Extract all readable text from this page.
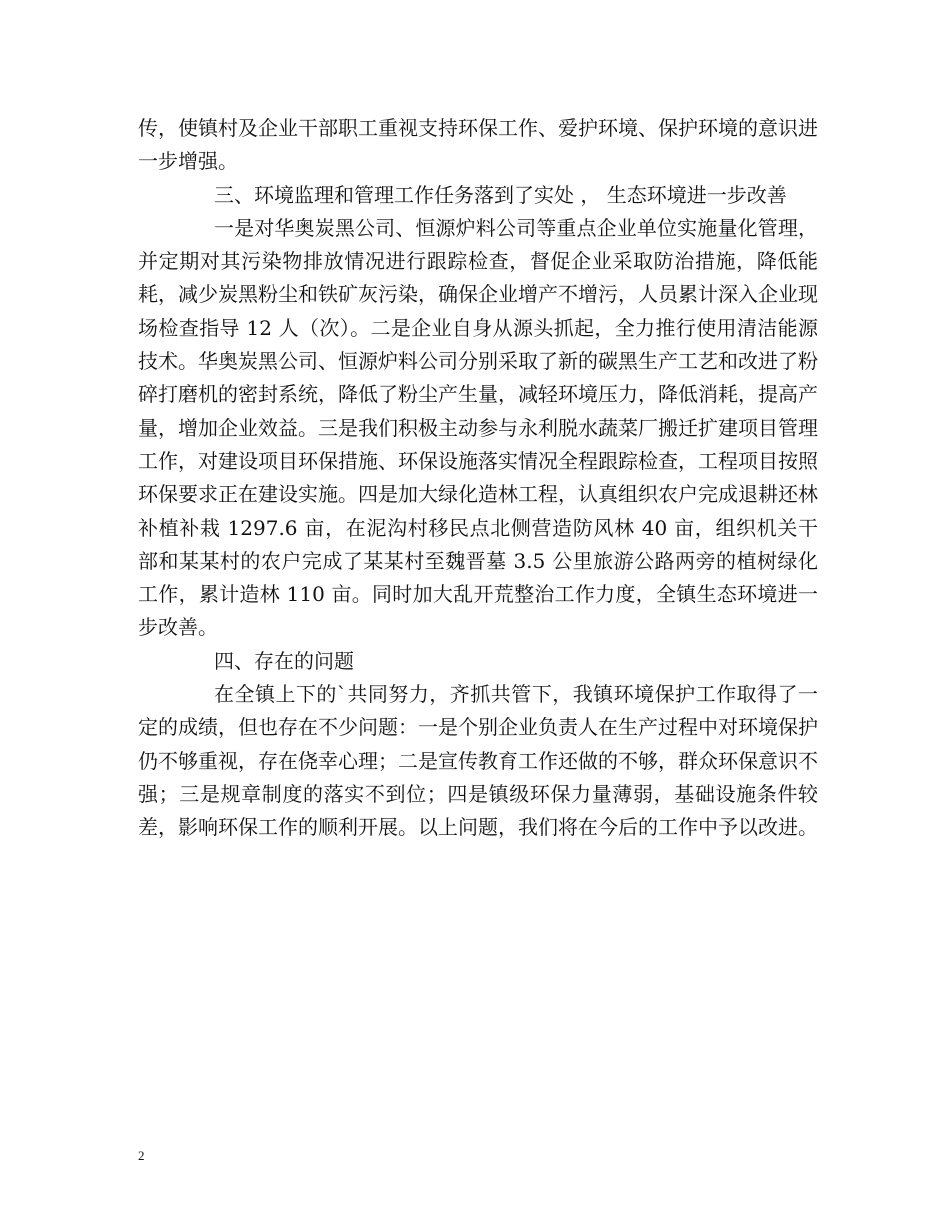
传，使镇村及企业干部职工重视支持环保工作、爱护环境、保护环境的意识进一步增强。

三、环境监理和管理工作任务落到了实处 ， 生态环境进一步改善

一是对华奥炭黑公司、恒源炉料公司等重点企业单位实施量化管理，并定期对其污染物排放情况进行跟踪检查，督促企业采取防治措施，降低能耗，减少炭黑粉尘和铁矿灰污染，确保企业增产不增污，人员累计深入企业现场检查指导 12 人（次）。二是企业自身从源头抓起，全力推行使用清洁能源技术。华奥炭黑公司、恒源炉料公司分别采取了新的碳黑生产工艺和改进了粉碎打磨机的密封系统，降低了粉尘产生量，减轻环境压力，降低消耗，提高产量，增加企业效益。三是我们积极主动参与永利脱水蔬菜厂搬迁扩建项目管理工作，对建设项目环保措施、环保设施落实情况全程跟踪检查，工程项目按照环保要求正在建设实施。四是加大绿化造林工程，认真组织农户完成退耕还林补植补栽 1297.6 亩，在泥沟村移民点北侧营造防风林 40 亩，组织机关干部和某某村的农户完成了某某村至魏晋墓 3.5 公里旅游公路两旁的植树绿化工作，累计造林 110 亩。同时加大乱开荒整治工作力度，全镇生态环境进一步改善。

四、存在的问题

在全镇上下的`共同努力，齐抓共管下，我镇环境保护工作取得了一定的成绩，但也存在不少问题：一是个别企业负责人在生产过程中对环境保护仍不够重视，存在侥幸心理；二是宣传教育工作还做的不够，群众环保意识不强；三是规章制度的落实不到位；四是镇级环保力量薄弱，基础设施条件较差，影响环保工作的顺利开展。以上问题，我们将在今后的工作中予以改进。

2
